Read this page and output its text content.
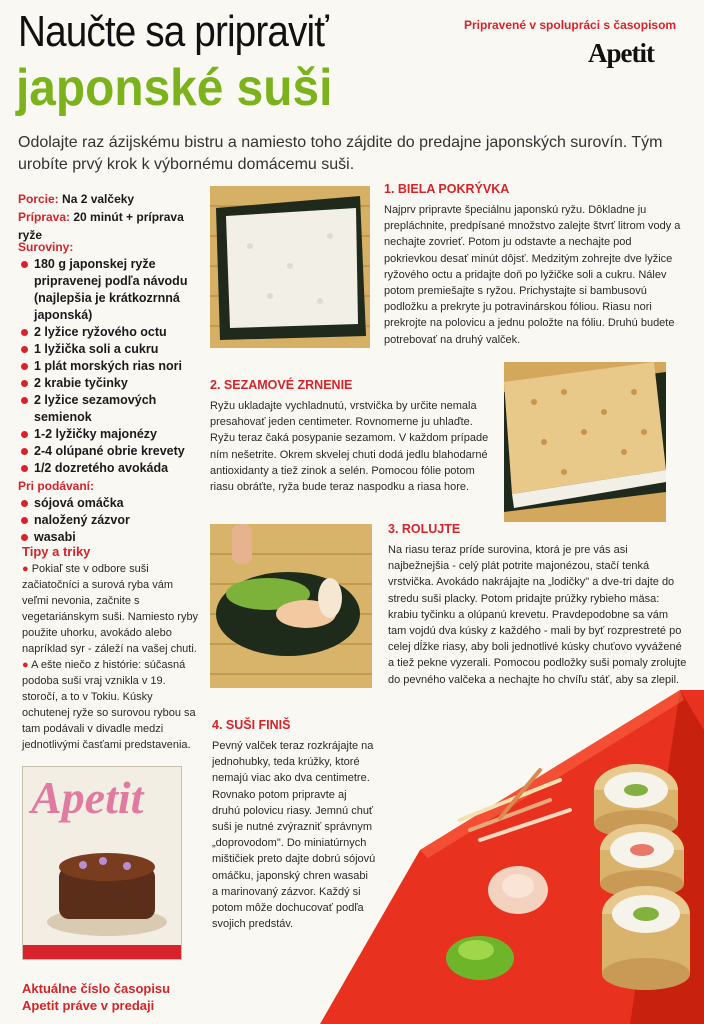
Naučte sa pripraviť
japonské suši
Pripravené v spolupráci s časopisom
Apetit
Odolajte raz ázijskému bistru a namiesto toho zájdite do predajne japonských surovín. Tým urobíte prvý krok k výbornému domácemu suši.
Porcie: Na 2 valčeky
Príprava: 20 minút + príprava ryže
Suroviny:
180 g japonskej ryže pripravenej podľa návodu (najlepšia je krátkozrnná japonská)
2 lyžice ryžového octu
1 lyžička soli a cukru
1 plát morských rias nori
2 krabie tyčinky
2 lyžice sezamových semienok
1-2 lyžičky majonézy
2-4 olúpané obrie krevety
1/2 dozretého avokáda
Pri podávaní:
sójová omáčka
naložený zázvor
wasabi
Tipy a triky
● Pokiaľ ste v odbore suši začiatočníci a surová ryba vám veľmi nevonia, začnite s vegetariánskym suši. Namiesto ryby použite uhorku, avokádo alebo napríklad syr - záleží na vašej chuti.
● A ešte niečo z histórie: súčasná podoba suši vraj vznikla v 19. storočí, a to v Tokiu. Kúsky ochutenej ryže so surovou rybou sa tam podávali v divadle medzi jednotlivými časťami predstavenia.
Apetit
Aktuálne číslo časopisu
Apetit práve v predaji
1. BIELA POKRÝVKA
Najprv pripravte špeciálnu japonskú ryžu. Dôkladne ju prepláchnite, predpísané množstvo zalejte štvrť litrom vody a nechajte zovrieť. Potom ju odstavte a nechajte pod pokrievkou desať minút dôjsť. Medzitým zohrejte dve lyžice ryžového octu a pridajte doň po lyžičke soli a cukru. Nálev potom premiešajte s ryžou. Prichystajte si bambusovú podložku a prekryte ju potravinárskou fóliou. Riasu nori prekrojte na polovicu a jednu položte na fóliu. Druhú budete potrebovať na druhý valček.
2. SEZAMOVÉ ZRNENIE
Ryžu ukladajte vychladnutú, vrstvička by určite nemala presahovať jeden centimeter. Rovnomerne ju uhlaďte. Ryžu teraz čaká posypanie sezamom. V každom prípade ním nešetrite. Okrem skvelej chuti dodá jedlu blahodarné antioxidanty a tiež zinok a selén. Pomocou fólie potom riasu obráťte, ryža bude teraz naspodku a riasa hore.
3. ROLUJTE
Na riasu teraz príde surovina, ktorá je pre vás asi najbežnejšia - celý plát potrite majonézou, stačí tenká vrstvička. Avokádo nakrájajte na „lodičky" a dve-tri dajte do stredu suši placky. Potom pridajte prúžky rybieho mäsa: krabiu tyčinku a olúpanú krevetu. Pravdepodobne sa vám tam vojdú dva kúsky z každého - mali by byť rozprestreté po celej dĺžke riasy, aby boli jednotlivé kúsky chuťovo vyvážené a tiež pekne vyzerali. Pomocou podložky suši pomaly zrolujte do pevného valčeka a nechajte ho chvíľu stáť, aby sa zlepil.
4. SUŠI FINIŠ
Pevný valček teraz rozkrájajte na jednohubky, teda krúžky, ktoré nemajú viac ako dva centimetre. Rovnako potom pripravte aj druhú polovicu riasy. Jemnú chuť suši je nutné zvýrazniť správnym „doprovodom". Do miniatúrnych mištičiek preto dajte dobrú sójovú omáčku, japonský chren wasabi a marinovaný zázvor. Každý si potom môže dochucovať podľa svojich predstáv.
